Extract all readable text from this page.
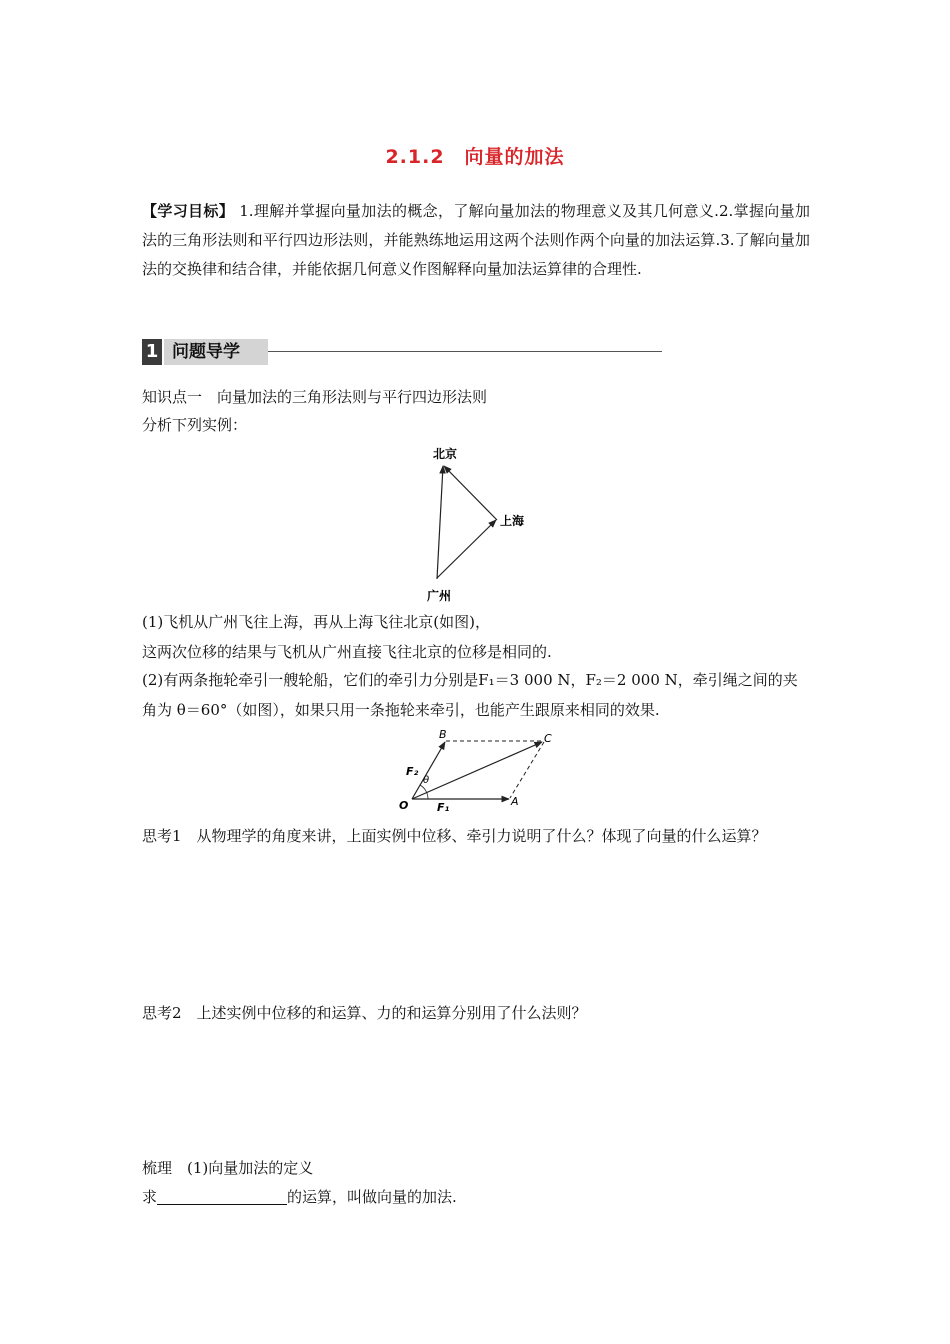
2.1.2　向量的加法
【学习目标】 1.理解并掌握向量加法的概念，了解向量加法的物理意义及其几何意义.2.掌握向量加法的三角形法则和平行四边形法则，并能熟练地运用这两个法则作两个向量的加法运算.3.了解向量加法的交换律和结合律，并能依据几何意义作图解释向量加法运算律的合理性.
1 问题导学
知识点一　向量加法的三角形法则与平行四边形法则
分析下列实例：
北京
上海
广州
(1)飞机从广州飞往上海，再从上海飞往北京(如图)，
这两次位移的结果与飞机从广州直接飞往北京的位移是相同的.
(2)有两条拖轮牵引一艘轮船，它们的牵引力分别是F₁＝3 000 N，F₂＝2 000 N，牵引绳之间的夹角为 θ＝60°（如图），如果只用一条拖轮来牵引，也能产生跟原来相同的效果.
O	A
B	C
F₁
F₂
θ
思考1　从物理学的角度来讲，上面实例中位移、牵引力说明了什么？体现了向量的什么运算？
思考2　上述实例中位移的和运算、力的和运算分别用了什么法则？
梳理　(1)向量加法的定义
求	的运算，叫做向量的加法.
